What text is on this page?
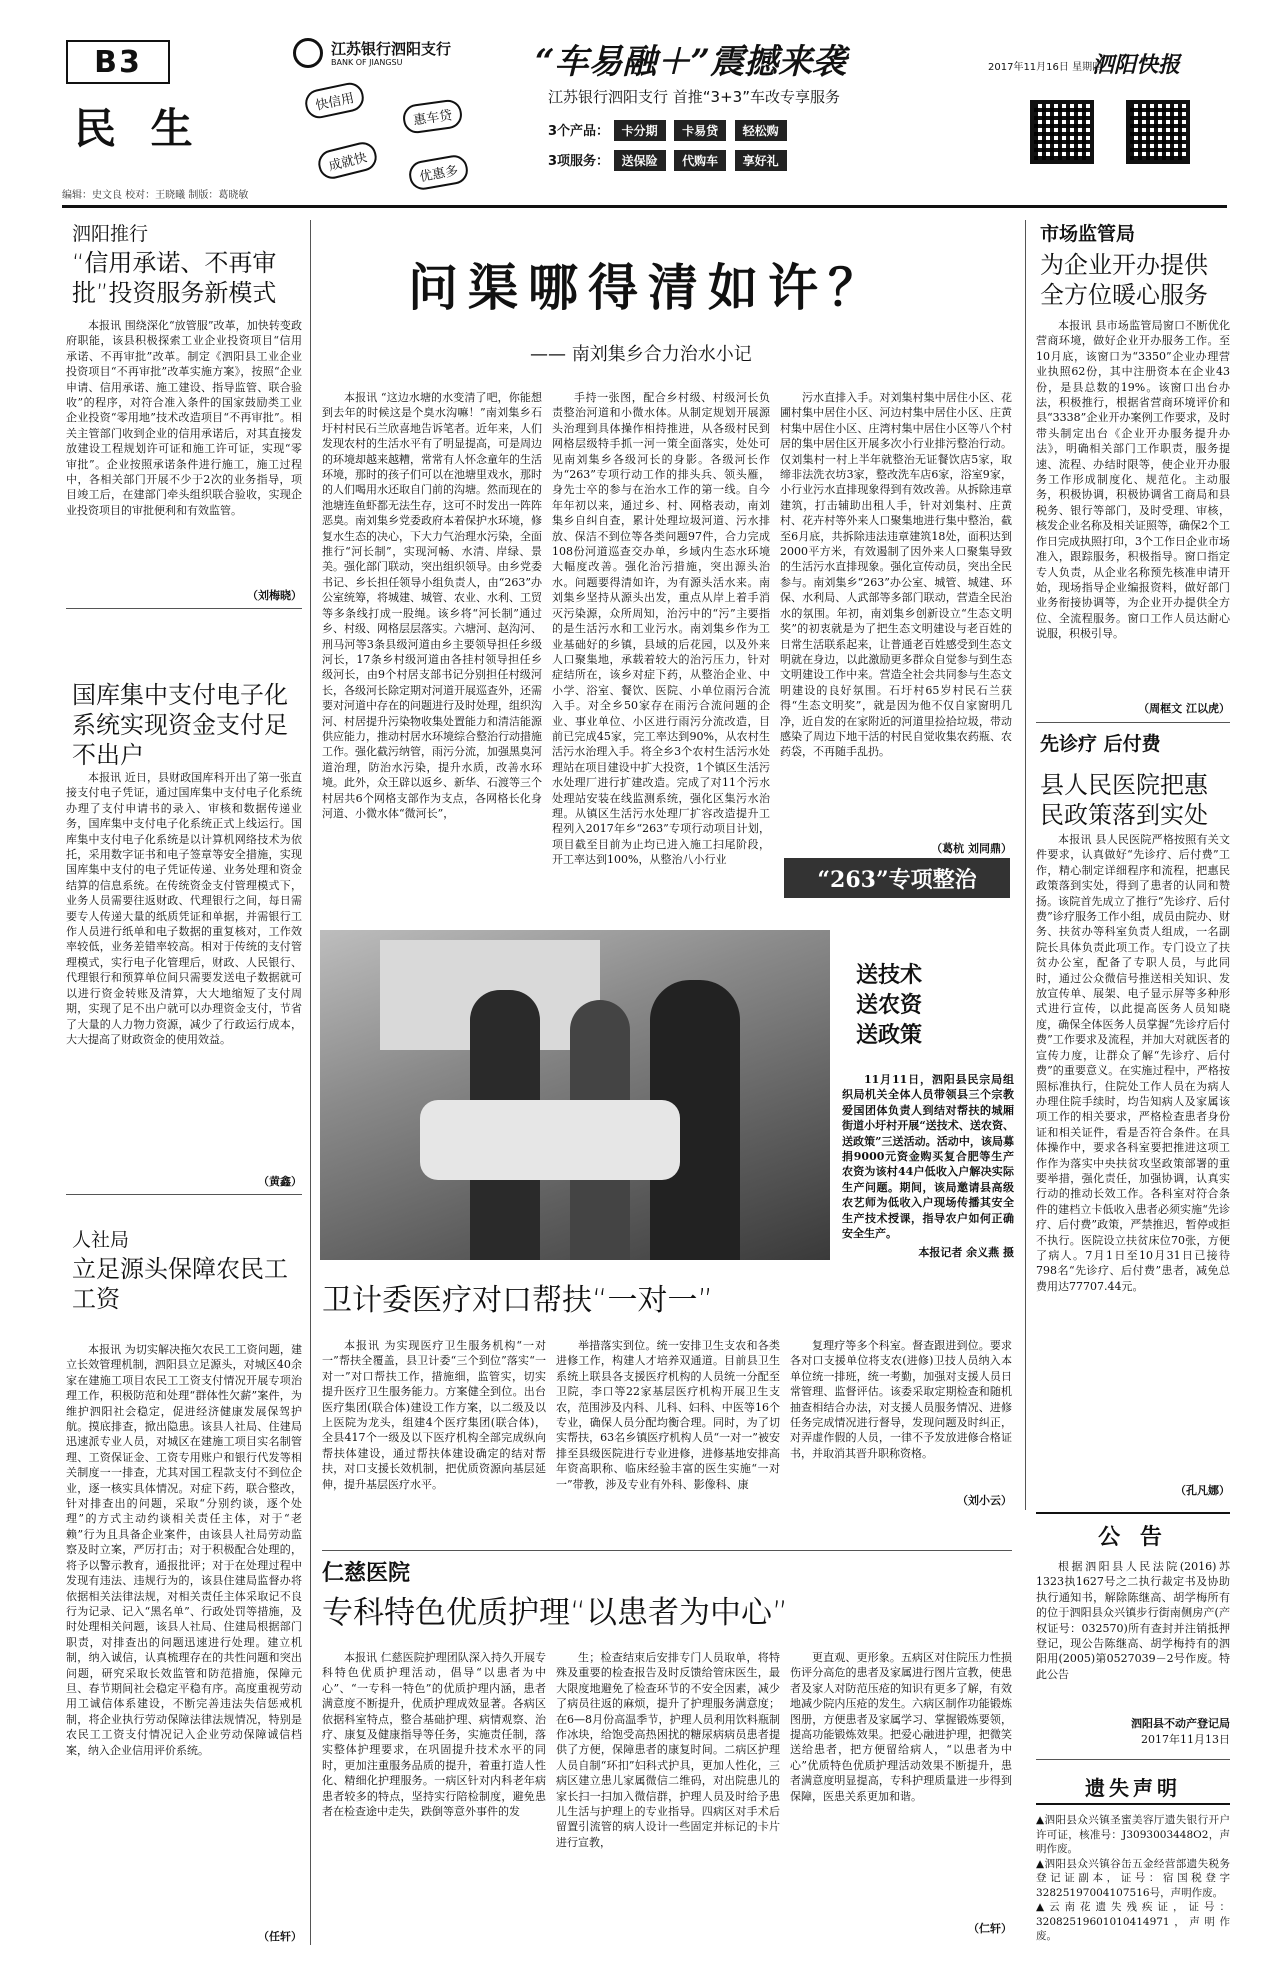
B3
民 生
编辑：史文良 校对：王晓曦 制版：葛晓敏
江苏银行泗阳支行
BANK OF JIANGSU	“车易融＋”震撼来袭
江苏银行泗阳支行 首推“3+3”车改专享服务
快信用
惠车贷
成就快
优惠多
3个产品： 卡分期 卡易贷 轻松购
3项服务： 送保险 代购车 享好礼
2017年11月16日 星期四
泗阳快报
泗阳推行
“信用承诺、不再审批”投资服务新模式

本报讯 围绕深化“放管服”改革，加快转变政府职能，该县积极探索工业企业投资项目“信用承诺、不再审批”改革。制定《泗阳县工业企业投资项目“不再审批”改革实施方案》，按照“企业申请、信用承诺、施工建设、指导监管、联合验收”的程序，对符合准入条件的国家鼓励类工业企业投资“零用地”技术改造项目“不再审批”。相关主管部门收到企业的信用承诺后，对其直接发放建设工程规划许可证和施工许可证，实现“零审批”。企业按照承诺条件进行施工，施工过程中，各相关部门开展不少于2次的业务指导，项目竣工后，在建部门牵头组织联合验收，实现企业投资项目的审批便利和有效监管。

（刘梅晓）
国库集中支付电子化系统实现资金支付足不出户

本报讯 近日，县财政国库科开出了第一张直接支付电子凭证，通过国库集中支付电子化系统办理了支付申请书的录入、审核和数据传递业务，国库集中支付电子化系统正式上线运行。国库集中支付电子化系统是以计算机网络技术为依托，采用数字证书和电子签章等安全措施，实现国库集中支付的电子凭证传递、业务处理和资金结算的信息系统。在传统资金支付管理模式下，业务人员需要往返财政、代理银行之间，每日需要专人传递大量的纸质凭证和单据，并需银行工作人员进行纸单和电子数据的重复核对，工作效率较低，业务差错率较高。相对于传统的支付管理模式，实行电子化管理后，财政、人民银行、代理银行和预算单位间只需要发送电子数据就可以进行资金转账及清算，大大地缩短了支付周期，实现了足不出户就可以办理资金支付，节省了大量的人力物力资源，减少了行政运行成本，大大提高了财政资金的使用效益。

（黄鑫）
人社局
立足源头保障农民工工资

本报讯 为切实解决拖欠农民工工资问题，建立长效管理机制，泗阳县立足源头，对城区40余家在建施工项目农民工工资支付情况开展专项治理工作，积极防范和处理“群体性欠薪”案件，为维护泗阳社会稳定，促进经济健康发展保驾护航。摸底排查，掀出隐患。该县人社局、住建局迅速派专业人员，对城区在建施工项目实名制管理、工资保证金、工资专用账户和银行代发等相关制度一一排查，尤其对国工程款支付不到位企业，逐一核实具体情况。对症下药，联合整改，针对排查出的问题，采取“分别约谈，逐个处理”的方式主动约谈相关责任主体，对于“老赖”行为且具备企业案件，由该县人社局劳动监察及时立案，严厉打击；对于积极配合处理的，将予以警示教育，通报批评；对于在处理过程中发现有违法、违规行为的，该县住建局监督办将依据相关法律法规，对相关责任主体采取记不良行为记录、记入“黑名单”、行政处罚等措施，及时处理相关问题，该县人社局、住建局根据部门职责，对排查出的问题迅速进行处理。建立机制，纳入诚信，认真梳理存在的共性问题和突出问题，研究采取长效监管和防范措施，保障元旦、春节期间社会稳定平稳有序。高度重视劳动用工诚信体系建设，不断完善违法失信惩戒机制，将企业执行劳动保障法律法规情况，特别是农民工工资支付情况记入企业劳动保障诚信档案，纳入企业信用评价系统。

（任轩）
问渠哪得清如许？
—— 南刘集乡合力治水小记

本报讯 “这边水塘的水变清了吧，你能想到去年的时候这是个臭水沟嘛！”南刘集乡石圩村村民石兰欣喜地告诉笔者。近年来，人们发现农村的生活水平有了明显提高，可是周边的环境却越来越糟，常常有人怀念童年的生活环境，那时的孩子们可以在池塘里戏水，那时的人们喝用水还取自门前的沟塘。然而现在的池塘连鱼虾都无法生存，这可不时发出一阵阵恶臭。南刘集乡党委政府本着保护水环境，修复水生态的决心，下大力气治理水污染，全面推行“河长制”，实现河畅、水清、岸绿、景美。强化部门联动，突出组织领导。由乡党委书记、乡长担任领导小组负责人，由“263”办公室统筹，将城建、城管、农业、水利、工贸等多条线打成一股绳。该乡将“河长制”通过乡、村级、网格层层落实。六塘河、赵沟河、刑马河等3条县级河道由乡主要领导担任乡级河长，17条乡村级河道由各挂村领导担任乡级河长，由9个村居支部书记分别担任村级河长，各级河长除定期对河道开展巡查外，还需要对河道中存在的问题进行及时处理，组织沟河、村居提升污染物收集处置能力和清洁能源供应能力，推动村居水环境综合整治行动措施工作。强化截污纳管，雨污分流，加强黑臭河道治理，防治水污染，提升水质，改善水环境。此外，众王辟以返乡、新华、石渡等三个村居共6个网格支部作为支点，各网格长化身河道、小微水体“微河长”，

手持一张图，配合乡村级、村级河长负责整治河道和小微水体。从制定规划开展源头治理到具体操作相持推进，从各级村民到网格层级特手抓一河一策全面落实，处处可见南刘集乡各级河长的身影。各级河长作为“263”专项行动工作的排头兵、领头雁，身先士卒的参与在治水工作的第一线。自今年年初以来，通过乡、村、网格表动，南刘集乡自纠自查，累计处理垃圾河道、污水排放、保洁不到位等各类问题97件，合力完成108份河道巡查交办单，乡域内生态水环境大幅度改善。强化治污措施，突出源头治水。问题要得清如许，为有源头活水来。南刘集乡坚持从源头出发，重点从岸上着手消灭污染源，众所周知，治污中的“污”主要指的是生活污水和工业污水。南刘集乡作为工业基础好的乡镇，县域的后花园，以及外来人口聚集地，承载着较大的治污压力，针对症结所在，该乡对症下药，从整治企业、中小学、浴室、餐饮、医院、小单位雨污合流入手。对全乡50家存在雨污合流问题的企业、事业单位、小区进行雨污分流改造，目前已完成45家，完工率达到90%，从农村生活污水治理入手。将全乡3个农村生活污水处理站在项目建设中扩大投资，1个镇区生活污水处理厂进行扩建改造。完成了对11个污水处理站安装在线监测系统，强化区集污水治理。从镇区生活污水处理厂扩容改造提升工程列入2017年乡“263”专项行动项目计划，项目截至目前为止均已进入施工扫尾阶段，开工率达到100%，从整治八小行业

污水直排入手。对刘集村集中居住小区、花圃村集中居住小区、河边村集中居住小区、庄黄村集中居住小区、庄湾村集中居住小区等八个村居的集中居住区开展多次小行业排污整治行动。仅刘集村一村上半年就整治无证餐饮店5家，取缔非法洗衣坊3家，整改洗车店6家，浴室9家，小行业污水直排现象得到有效改善。从拆除违章建筑，打击辅助出租人手，针对刘集村、庄黄村、花卉村等外来人口聚集地进行集中整治，截至6月底，共拆除违法违章建筑18处，面积达到2000平方米，有效遏制了因外来人口聚集导致的生活污水直排现象。强化宣传动员，突出全民参与。南刘集乡“263”办公室、城管、城建、环保、水利局、人武部等多部门联动，营造全民治水的氛围。年初，南刘集乡创新设立“生态文明奖”的初衷就是为了把生态文明建设与老百姓的日常生活联系起来，让普通老百姓感受到生态文明就在身边，以此激励更多群众自觉参与到生态文明建设工作中来。营造全社会共同参与生态文明建设的良好氛围。石圩村65岁村民石兰获得“生态文明奖”，就是因为他不仅自家窗明几净，近自发的在家附近的河道里捡拾垃圾，带动感染了周边下地干活的村民自觉收集农药瓶、农药袋，不再随手乱扔。

（葛杭 刘同鼎）
“263”专项整治
送技术
送农资
送政策

11月11日，泗阳县民宗局组织局机关全体人员带领县三个宗教爱国团体负责人到结对帮扶的城厢街道小圩村开展“送技术、送农资、送政策”三送活动。活动中，该局募捐9000元资金购买复合肥等生产农资为该村44户低收入户解决实际生产问题。期间，该局邀请县高级农艺师为低收入户现场传播其安全生产技术授课，指导农户如何正确安全生产。

本报记者 余义燕 摄
卫计委医疗对口帮扶“一对一”

本报讯 为实现医疗卫生服务机构“一对一”帮扶全覆盖，县卫计委“三个到位”落实“一对一”对口帮扶工作，措施细，监管实，切实提升医疗卫生服务能力。方案健全到位。出台医疗集团(联合体)建设工作方案，以二级及以上医院为龙头，组建4个医疗集团(联合体)，全县417个一级及以下医疗机构全部完成纵向帮扶体建设，通过帮扶体建设确定的结对帮扶，对口支援长效机制，把优质资源向基层延伸，提升基层医疗水平。

举措落实到位。统一安排卫生支农和各类进修工作，构建人才培养双通道。目前县卫生系统上联县各支援医疗机构的人员统一分配至卫院，李口等22家基层医疗机构开展卫生支农，范围涉及内科、儿科、妇科、中医等16个专业，确保人员分配均衡合理。同时，为了切实帮扶，63名乡镇医疗机构人员“一对一”被安排至县级医院进行专业进修，进修基地安排高年资高职称、临床经验丰富的医生实施“一对一”带教，涉及专业有外科、影像科、康

复理疗等多个科室。督查跟进到位。要求各对口支援单位将支农(进修)卫技人员纳入本单位统一排班，统一考勤，加强对支援人员日常管理、监督评估。该委采取定期检查和随机抽查相结合办法，对支援人员服务情况、进修任务完成情况进行督导，发现问题及时纠正，对弄虚作假的人员，一律不予发放进修合格证书，并取消其晋升职称资格。

（刘小云）
仁慈医院
专科特色优质护理“以患者为中心”

本报讯 仁慈医院护理团队深入持久开展专科特色优质护理活动，倡导“以患者为中心”、“一专科一特色”的优质护理内涵，患者满意度不断提升，优质护理成效显著。各病区依据科室特点，整合基础护理、病情观察、治疗、康复及健康指导等任务，实施责任制，落实整体护理要求，在巩固提升技术水平的同时，更加注重服务品质的提升，着重打造人性化、精细化护理服务。一病区针对内科老年病患者较多的特点，坚持实行陪检制度，避免患者在检查途中走失，跌倒等意外事件的发

生；检查结束后安排专门人员取单，将特殊及重要的检查报告及时反馈给管床医生，最大限度地避免了检查环节的不安全因素，减少了病员往返的麻烦，提升了护理服务满意度；在6—8月份高温季节，护理人员利用饮料瓶制作冰块，给饱受高热困扰的糖尿病病员患者提供了方便，保障患者的康复时间。二病区护理人员自制“环扣”妇科式护具，更加人性化，三病区建立患儿家属微信二维码，对出院患儿的家长扫一扫加入微信群，护理人员及时给予患儿生活与护理上的专业指导。四病区对手术后留置引流管的病人设计一些固定并标记的卡片进行宣教，

更直观、更形象。五病区对住院压力性损伤评分高危的患者及家属进行图片宣教，使患者及家人对防范压疮的知识有更多了解，有效地减少院内压疮的发生。六病区制作功能锻炼图册，方便患者及家属学习、掌握锻炼要领，提高功能锻炼效果。把爱心融进护理，把微笑送给患者，把方便留给病人，“以患者为中心”优质特色优质护理活动效果不断提升，患者满意度明显提高，专科护理质量进一步得到保障，医患关系更加和谐。

（仁轩）
市场监管局
为企业开办提供全方位暖心服务

本报讯 县市场监管局窗口不断优化营商环境，做好企业开办服务工作。至10月底，该窗口为“3350”企业办理营业执照62份，其中注册资本在企业43份，是县总数的19%。该窗口出台办法，积极推行，根据省营商环境评价和县“3338”企业开办案例工作要求，及时带头制定出台《企业开办服务提升办法》，明确相关部门工作职责，服务提速、流程、办结时限等，使企业开办服务工作形成制度化、规范化。主动服务，积极协调，积极协调省工商局和县税务、银行等部门，及时受理、审核，核发企业名称及相关证照等，确保2个工作日完成执照打印，3个工作日企业市场准入，跟踪服务，积极指导。窗口指定专人负责，从企业名称预先核准申请开始，现场指导企业编报资料，做好部门业务衔接协调等，为企业开办提供全方位、全流程服务。窗口工作人员达耐心说服，积极引导。

（周框文 江以虎）
先诊疗 后付费
县人民医院把惠民政策落到实处

本报讯 县人民医院严格按照有关文件要求，认真做好“先诊疗、后付费”工作，精心制定详细程序和流程，把惠民政策落到实处，得到了患者的认同和赞扬。该院首先成立了推行“先诊疗、后付费”诊疗服务工作小组，成员由院办、财务、扶贫办等科室负责人组成，一名副院长具体负责此项工作。专门设立了扶贫办公室，配备了专职人员，与此同时，通过公众微信号推送相关知识、发放宣传单、展架、电子显示屏等多种形式进行宣传，以此提高医务人员知晓度，确保全体医务人员掌握“先诊疗后付费”工作要求及流程，并加大对就医者的宣传力度，让群众了解“先诊疗、后付费”的重要意义。在实施过程中，严格按照标准执行，住院处工作人员在为病人办理住院手续时，均告知病人及家属该项工作的相关要求，严格检查患者身份证和相关证件，看是否符合条件。在具体操作中，要求各科室要把推进这项工作作为落实中央扶贫攻坚政策部署的重要举措，强化责任，加强协调，认真实行动的推动长效工作。各科室对符合条件的建档立卡低收入患者必须实施“先诊疗、后付费”政策，严禁推迟，暂停或拒不执行。医院设立扶贫床位70张，方便了病人。7月1日至10月31日已接待798名“先诊疗、后付费”患者，减免总费用达77707.44元。

（孔凡娜）
公 告

根据泗阳县人民法院(2016)苏1323执1627号之二执行裁定书及协助执行通知书，解除陈继高、胡学梅所有的位于泗阳县众兴镇步行街南侧房产(产权证号：032570)所有查封并注销抵押登记，现公告陈继高、胡学梅持有的泗阳用(2005)第0527039－2号作废。特此公告

泗阳县不动产登记局
2017年11月13日
遗失声明

▲泗阳县众兴镇圣蜜美容厅遗失银行开户许可证，核准号：J3093003448O2，声明作废。

▲泗阳县众兴镇谷缶五金经营部遗失税务登记证副本，证号：宿国税登字32825197004107516号，声明作废。

▲云南花遗失残疾证，证号：32082519601010414971，声明作废。
